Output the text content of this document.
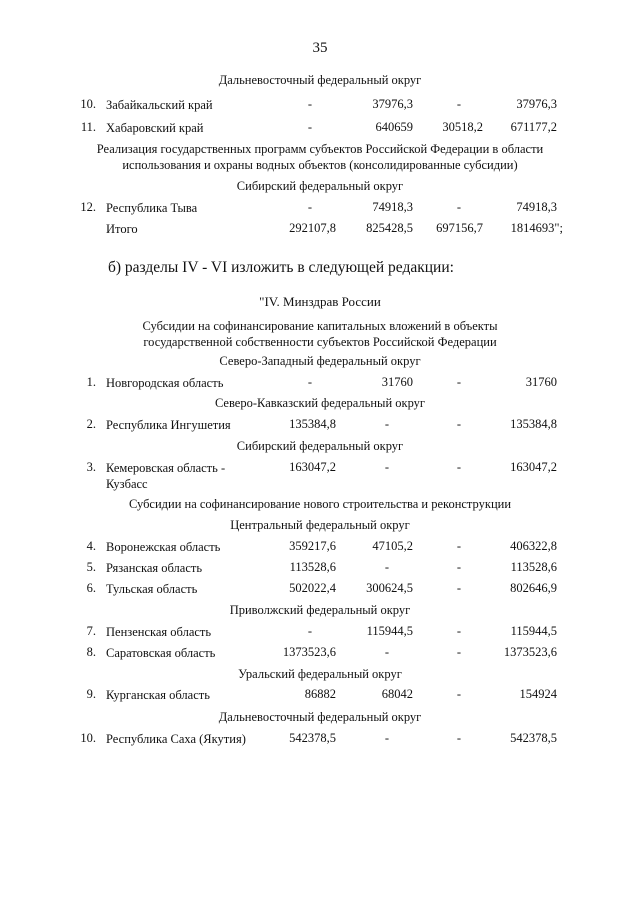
35
Дальневосточный федеральный округ
10. Забайкальский край	-	37976,3	-	37976,3
11. Хабаровский край	-	640659	30518,2	671177,2
Реализация государственных программ субъектов Российской Федерации в области
использования и охраны водных объектов (консолидированные субсидии)
Сибирский федеральный округ
12. Республика Тыва	-	74918,3	-	74918,3
Итого	292107,8	825428,5	697156,7	1814693";
б) разделы IV - VI изложить в следующей редакции:
"IV. Минздрав России
Субсидии на софинансирование капитальных вложений в объекты
государственной собственности субъектов Российской Федерации
Северо-Западный федеральный округ
1. Новгородская область	-	31760	-	31760
Северо-Кавказский федеральный округ
2. Республика Ингушетия	135384,8	-	-	135384,8
Сибирский федеральный округ
3. Кемеровская область -
Кузбасс
163047,2	-	-	163047,2
Субсидии на софинансирование нового строительства и реконструкции
Центральный федеральный округ
4. Воронежская область	359217,6	47105,2	-	406322,8
5. Рязанская область	113528,6	-	-	113528,6
6. Тульская область	502022,4	300624,5	-	802646,9
Приволжский федеральный округ
7. Пензенская область	-	115944,5	-	115944,5
8. Саратовская область	1373523,6	-	-	1373523,6
Уральский федеральный округ
9. Курганская область	86882	68042	-	154924
Дальневосточный федеральный округ
10. Республика Саха (Якутия)	542378,5	-	-	542378,5
